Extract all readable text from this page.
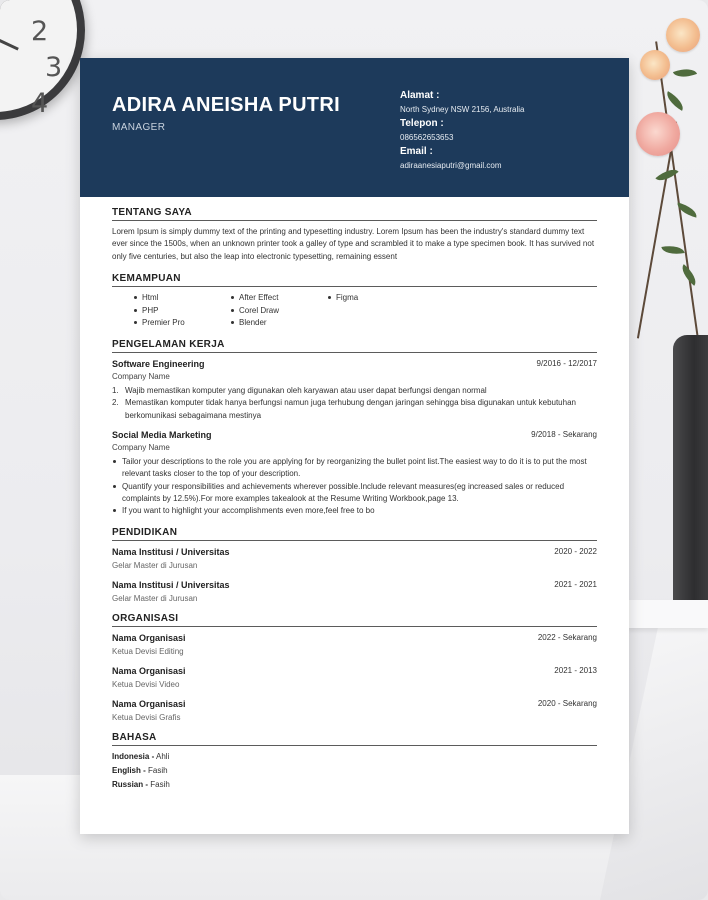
2
3
4	ADIRA ANEISHA PUTRI
MANAGER
Alamat :
North Sydney NSW 2156, Australia
Telepon :
086562653653
Email :
adiraanesiaputri@gmail.com
TENTANG SAYA
Lorem Ipsum is simply dummy text of the printing and typesetting industry. Lorem Ipsum has been the industry's standard dummy text ever since the 1500s, when an unknown printer took a galley of type and scrambled it to make a type specimen book. It has survived not only five centuries, but also the leap into electronic typesetting, remaining essent
KEMAMPUAN
Html	After Effect	Figma
PHP	Corel Draw
Premier Pro	Blender
PENGELAMAN KERJA
Software Engineering	9/2016 - 12/2017
Company Name
1. Wajib memastikan komputer yang digunakan oleh karyawan atau user dapat berfungsi dengan normal
2. Memastikan komputer tidak hanya berfungsi namun juga terhubung dengan jaringan sehingga bisa digunakan untuk kebutuhan berkomunikasi sebagaimana mestinya
Social Media Marketing	9/2018 - Sekarang
Company Name
Tailor your descriptions to the role you are applying for by reorganizing the bullet point list.The easiest way to do it is to put the most relevant tasks closer to the top of your description.
Quantify your responsibilities and achievements wherever possible.Include relevant measures(eg increased sales or reduced complaints by 12.5%).For more examples takealook at the Resume Writing Workbook,page 13.
If you want to highlight your accomplishments even more,feel free to bo
PENDIDIKAN
Nama Institusi / Universitas	2020 - 2022
Gelar Master di Jurusan
Nama Institusi / Universitas	2021 - 2021
Gelar Master di Jurusan
ORGANISASI
Nama Organisasi	2022 - Sekarang
Ketua Devisi Editing
Nama Organisasi	2021 - 2013
Ketua Devisi Video
Nama Organisasi	2020 - Sekarang
Ketua Devisi Grafis
BAHASA
Indonesia - Ahli
English - Fasih
Russian - Fasih
